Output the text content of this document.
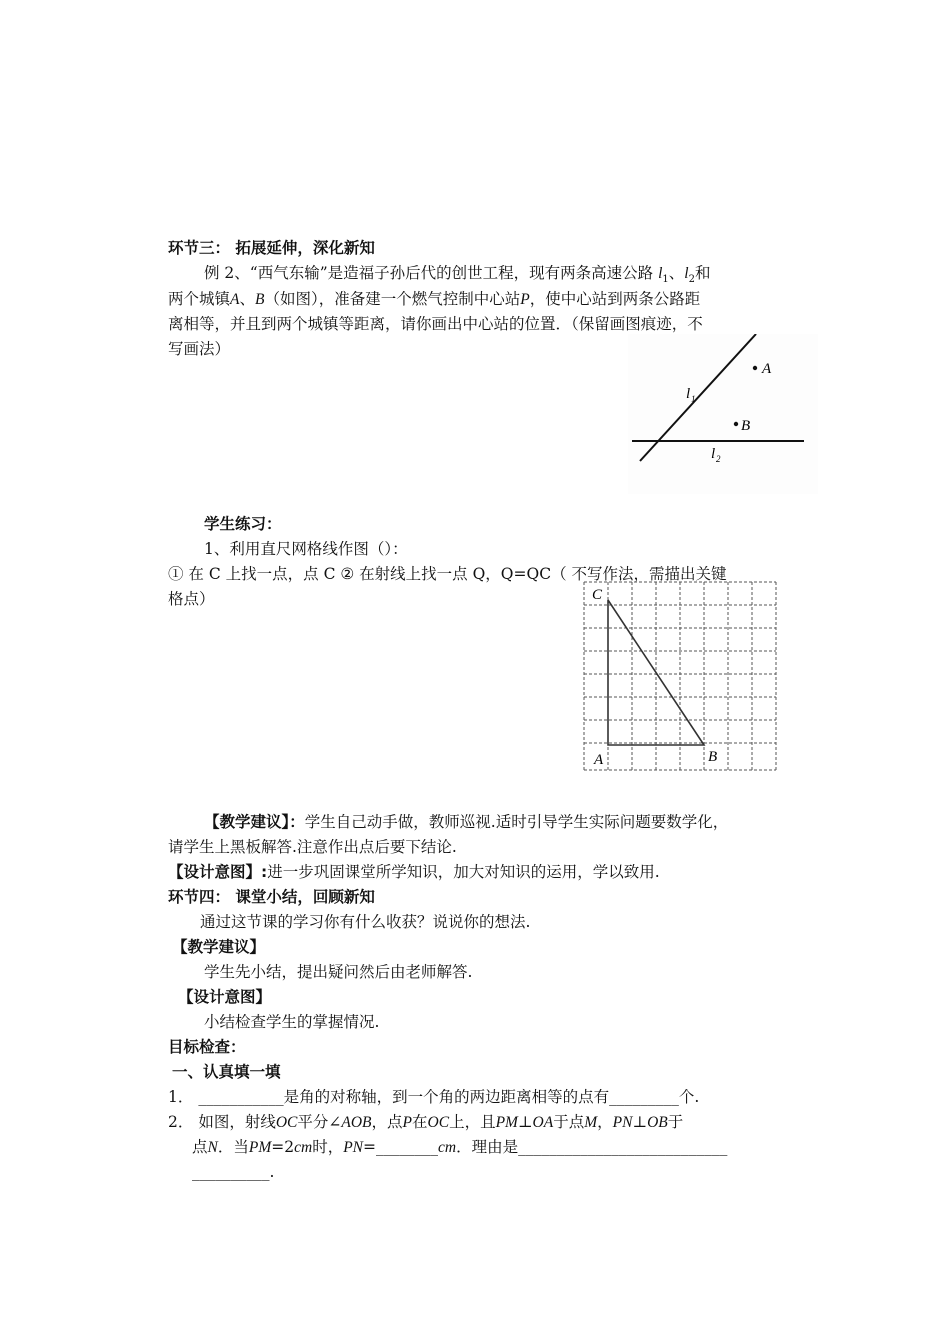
环节三： 拓展延伸，深化新知
例 2、“西气东输”是造福子孙后代的创世工程，现有两条高速公路 $l_1$、$l_2$和
两个城镇A、B（如图），准备建一个燃气控制中心站P，使中心站到两条公路距
离相等，并且到两个城镇等距离，请你画出中心站的位置．（保留画图痕迹，不
写画法）
A
B
l 1
l 2
学生练习：
1、利用直尺网格线作图（）：
① 在 C 上找一点，点 C ② 在射线上找一点 Q，Q=QC（ 不写作法，需描出关键
格点）	C
A	B
【教学建议】：学生自己动手做，教师巡视.适时引导学生实际问题要数学化，
请学生上黑板解答.注意作出点后要下结论.
【设计意图】:进一步巩固课堂所学知识，加大对知识的运用，学以致用.
环节四： 课堂小结，回顾新知
通过这节课的学习你有什么收获？说说你的想法.
【教学建议】
学生先小结，提出疑问然后由老师解答.
【设计意图】
小结检查学生的掌握情况.
目标检查：
一、认真填一填
1． ___________是角的对称轴，到一个角的两边距离相等的点有_________个.
2． 如图，射线OC平分∠AOB，点P在OC上，且PM⊥OA于点M，PN⊥OB于
点N．当PM=2cm时，PN=________cm．理由是___________________________
__________.
